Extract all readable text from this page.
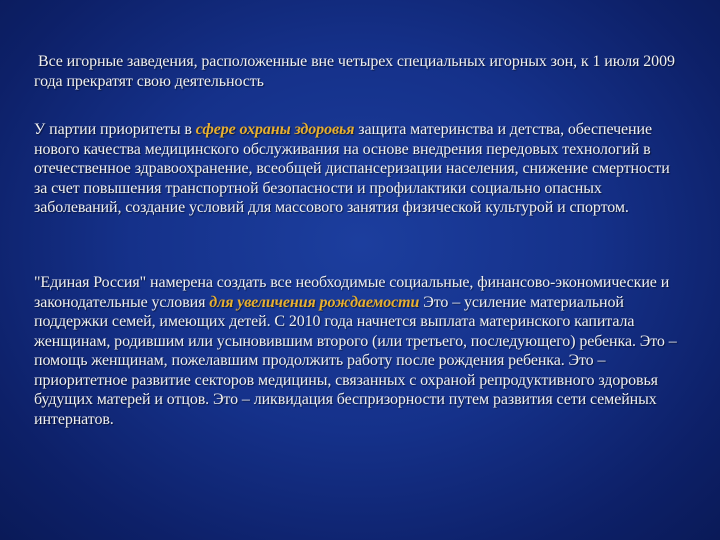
Все игорные заведения, расположенные вне четырех специальных игорных зон, к 1 июля 2009 года прекратят свою деятельность

У партии приоритеты в сфере охраны здоровья защита материнства и детства, обеспечение нового качества медицинского обслуживания на основе внедрения передовых технологий в отечественное здравоохранение, всеобщей диспансеризации населения, снижение смертности за счет повышения транспортной безопасности и профилактики социально опасных заболеваний, создание условий для массового занятия физической культурой и спортом.

"Единая Россия" намерена создать все необходимые социальные, финансово-экономические и законодательные условия для увеличения рождаемости Это – усиление материальной поддержки семей, имеющих детей. С 2010 года начнется выплата материнского капитала женщинам, родившим или усыновившим второго (или третьего, последующего) ребенка. Это – помощь женщинам, пожелавшим продолжить работу после рождения ребенка. Это – приоритетное развитие секторов медицины, связанных с охраной репродуктивного здоровья будущих матерей и отцов. Это – ликвидация беспризорности путем развития сети семейных интернатов.
